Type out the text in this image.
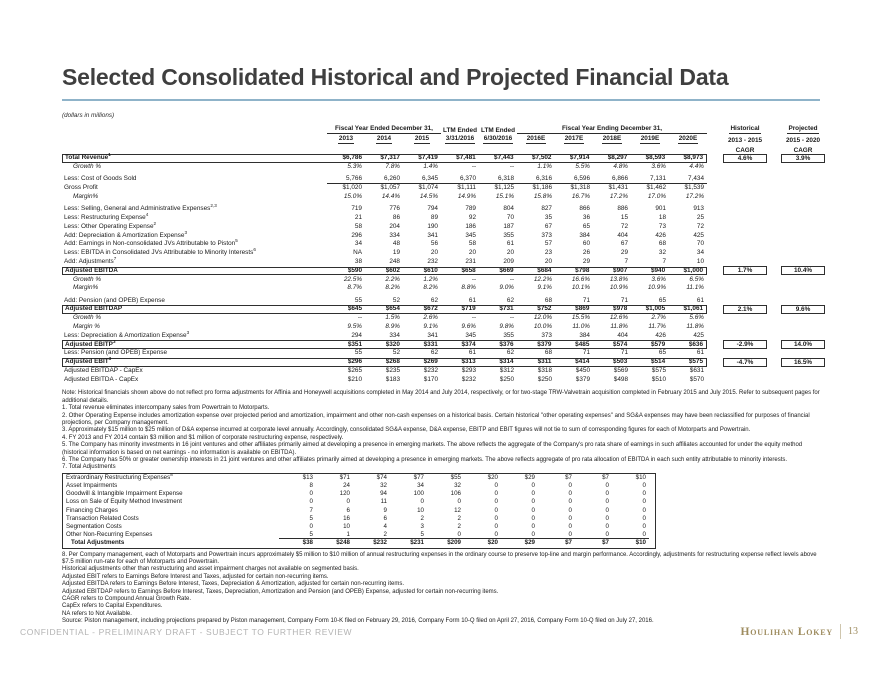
Selected Consolidated Historical and Projected Financial Data
(dollars in millions)
Fiscal Year Ended December 31,	LTM Ended LTM Ended	Fiscal Year Ending December 31,	Historical	Projected
2013	2014	2015	3/31/2016	6/30/2016	2016E	2017E	2018E	2019E	2020E	2013 - 2015	2015 - 2020
CAGR	CAGR
Total Revenue$^1$	$6,786	$7,317	$7,419	$7,481	$7,443	$7,502	$7,914	$8,297	$8,593	$8,973	4.6%	3.9%
Growth %	5.3%	7.8%	1.4%	--	--	1.1%	5.5%	4.8%	3.6%	4.4%
Less: Cost of Goods Sold	5,766	6,260	6,345	6,370	6,318	6,316	6,596	6,866	7,131	7,434
Gross Profit	$1,020	$1,057	$1,074	$1,111	$1,125	$1,186	$1,318	$1,431	$1,462	$1,539
Margin%	15.0%	14.4%	14.5%	14.9%	15.1%	15.8%	16.7%	17.2%	17.0%	17.2%
Less: Selling, General and Administrative Expenses$^{2,3}$	719	776	794	789	804	827	866	886	901	913
Less: Restructuring Expense$^4$	21	86	89	92	70	35	36	15	18	25
Less: Other Operating Expense$^2$	58	204	190	186	187	67	65	72	73	72
Add: Depreciation & Amortization Expense$^3$	296	334	341	345	355	373	384	404	426	425
Add: Earnings in Non-consolidated JVs Attributable to Piston$^5$	34	48	56	58	61	57	60	67	68	70
Less: EBITDA in Consolidated JVs Attributable to Minority Interests$^6$	NA	19	20	20	20	23	26	29	32	34
Add: Adjustments$^7$	38	248	232	231	209	20	29	7	7	10
Adjusted EBITDA	$590	$602	$610	$658	$669	$684	$798	$907	$940	$1,000	1.7%	10.4%
Growth %	22.5%	2.2%	1.2%	--	--	12.2%	16.6%	13.8%	3.6%	6.5%
Margin%	8.7%	8.2%	8.2%	8.8%	9.0%	9.1%	10.1%	10.9%	10.9%	11.1%
Add: Pension (and OPEB) Expense	55	52	62	61	62	68	71	71	65	61
Adjusted EBITDAP	$645	$654	$672	$719	$731	$752	$869	$978	$1,005	$1,061	2.1%	9.6%
Growth %	--	1.5%	2.6%	--	--	12.0%	15.5%	12.6%	2.7%	5.6%
Margin %	9.5%	8.9%	9.1%	9.6%	9.8%	10.0%	11.0%	11.8%	11.7%	11.8%
Less: Depreciation & Amortization Expense$^3$	294	334	341	345	355	373	384	404	426	425
Adjusted EBITP$^3$	$351	$320	$331	$374	$376	$379	$485	$574	$579	$636	-2.9%	14.0%
Less: Pension (and OPEB) Expense	55	52	62	61	62	68	71	71	65	61
Adjusted EBIT$^3$	$296	$268	$269	$313	$314	$311	$414	$503	$514	$575	-4.7%	16.5%
Adjusted EBITDAP - CapEx	$265	$235	$232	$293	$312	$318	$450	$569	$575	$631
Adjusted EBITDA - CapEx	$210	$183	$170	$232	$250	$250	$379	$498	$510	$570
Note: Historical financials shown above do not reflect pro forma adjustments for Affinia and Honeywell acquisitions completed in May 2014 and July 2014, respectively, or for two-stage TRW-Valvetrain acquisition completed in February 2015 and July 2015. Refer to subsequent pages for additional details.
1. Total revenue eliminates intercompany sales from Powertrain to Motorparts.
2. Other Operating Expense includes amortization expense over projected period and amortization, impairment and other non-cash expenses on a historical basis. Certain historical "other operating expenses" and SG&A expenses may have been reclassified for purposes of financial projections, per Company management.
3. Approximately $15 million to $25 million of D&A expense incurred at corporate level annually. Accordingly, consolidated SG&A expense, D&A expense, EBITP and EBIT figures will not tie to sum of corresponding figures for each of Motorparts and Powertrain.
4. FY 2013 and FY 2014 contain $3 million and $1 million of corporate restructuring expense, respectively.
5. The Company has minority investments in 16 joint ventures and other affiliates primarily aimed at developing a presence in emerging markets. The above reflects the aggregate of the Company's pro rata share of earnings in such affiliates accounted for under the equity method (historical information is based on net earnings - no information is available on EBITDA).
6. The Company has 50% or greater ownership interests in 21 joint ventures and other affiliates primarily aimed at developing a presence in emerging markets. The above reflects aggregate of pro rata allocation of EBITDA in each such entity attributable to minority interests.
7. Total Adjustments
Extraordinary Restructuring Expenses$^8$	$13	$71	$74	$77	$55	$20	$29	$7	$7	$10
Asset Impairments	8	24	32	34	32	0	0	0	0	0
Goodwill & Intangible Impairment Expense	0	120	94	100	106	0	0	0	0	0
Loss on Sale of Equity Method Investment	0	0	11	0	0	0	0	0	0	0
Financing Charges	7	6	9	10	12	0	0	0	0	0
Transaction Related Costs	5	16	6	2	2	0	0	0	0	0
Segmentation Costs	0	10	4	3	2	0	0	0	0	0
Other Non-Recurring Expenses	5	1	2	5	0	0	0	0	0	0
Total Adjustments	$38	$248	$232	$231	$209	$20	$29	$7	$7	$10
8. Per Company management, each of Motorparts and Powertrain incurs approximately $5 million to $10 million of annual restructuring expenses in the ordinary course to preserve top-line and margin performance. Accordingly, adjustments for restructuring expense reflect levels above $7.5 million run-rate for each of Motorparts and Powertrain.
Historical adjustments other than restructuring and asset impairment charges not available on segmented basis.
Adjusted EBIT refers to Earnings Before Interest and Taxes, adjusted for certain non-recurring items.
Adjusted EBITDA refers to Earnings Before Interest, Taxes, Depreciation & Amortization, adjusted for certain non-recurring items.
Adjusted EBITDAP refers to Earnings Before Interest, Taxes, Depreciation, Amortization and Pension (and OPEB) Expense, adjusted for certain non-recurring items.
CAGR refers to Compound Annual Growth Rate.
CapEx refers to Capital Expenditures.
NA refers to Not Available.
Source: Piston management, including projections prepared by Piston management, Company Form 10-K filed on February 29, 2016, Company Form 10-Q filed on April 27, 2016, Company Form 10-Q filed on July 27, 2016.
CONFIDENTIAL - PRELIMINARY DRAFT - SUBJECT TO FURTHER REVIEW	Houlihan Lokey 13
